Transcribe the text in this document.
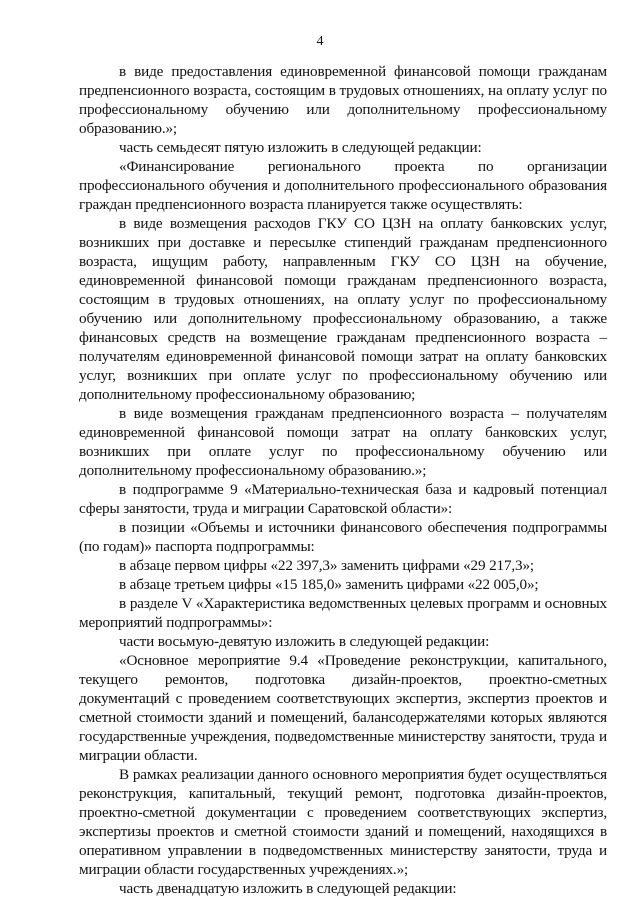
4

в виде предоставления единовременной финансовой помощи гражданам предпенсионного возраста, состоящим в трудовых отношениях, на оплату услуг по профессиональному обучению или дополнительному профессиональному образованию.»;

часть семьдесят пятую изложить в следующей редакции:

«Финансирование регионального проекта по организации профессионального обучения и дополнительного профессионального образования граждан предпенсионного возраста планируется также осуществлять:

в виде возмещения расходов ГКУ СО ЦЗН на оплату банковских услуг, возникших при доставке и пересылке стипендий гражданам предпенсионного возраста, ищущим работу, направленным ГКУ СО ЦЗН на обучение, единовременной финансовой помощи гражданам предпенсионного возраста, состоящим в трудовых отношениях, на оплату услуг по профессиональному обучению или дополнительному профессиональному образованию, а также финансовых средств на возмещение гражданам предпенсионного возраста – получателям единовременной финансовой помощи затрат на оплату банковских услуг, возникших при оплате услуг по профессиональному обучению или дополнительному профессиональному образованию;

в виде возмещения гражданам предпенсионного возраста – получателям единовременной финансовой помощи затрат на оплату банковских услуг, возникших при оплате услуг по профессиональному обучению или дополнительному профессиональному образованию.»;

в подпрограмме 9 «Материально-техническая база и кадровый потенциал сферы занятости, труда и миграции Саратовской области»:

в позиции «Объемы и источники финансового обеспечения подпрограммы (по годам)» паспорта подпрограммы:

в абзаце первом цифры «22 397,3» заменить цифрами «29 217,3»;

в абзаце третьем цифры «15 185,0» заменить цифрами «22 005,0»;

в разделе V «Характеристика ведомственных целевых программ и основных мероприятий подпрограммы»:

части восьмую-девятую изложить в следующей редакции:

«Основное мероприятие 9.4 «Проведение реконструкции, капитального, текущего ремонтов, подготовка дизайн-проектов, проектно-сметных документаций с проведением соответствующих экспертиз, экспертиз проектов и сметной стоимости зданий и помещений, балансодержателями которых являются государственные учреждения, подведомственные министерству занятости, труда и миграции области.

В рамках реализации данного основного мероприятия будет осуществляться реконструкция, капитальный, текущий ремонт, подготовка дизайн-проектов, проектно-сметной документации с проведением соответствующих экспертиз, экспертизы проектов и сметной стоимости зданий и помещений, находящихся в оперативном управлении в подведомственных министерству занятости, труда и миграции области государственных учреждениях.»;

часть двенадцатую изложить в следующей редакции:
